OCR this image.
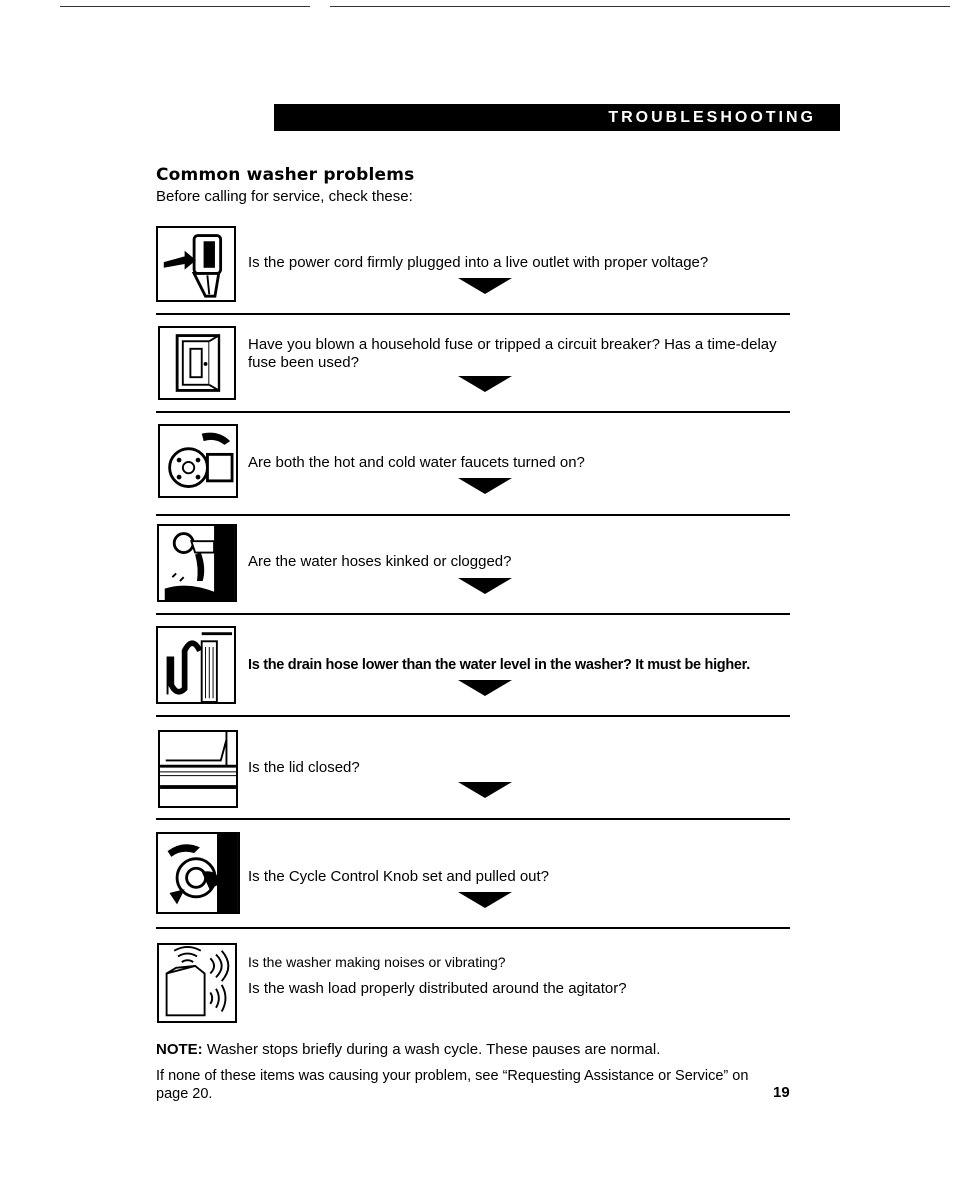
TROUBLESHOOTING
Common washer problems
Before calling for service, check these:
Is the power cord firmly plugged into a live outlet with proper voltage?
Have you blown a household fuse or tripped a circuit breaker? Has a time-delay fuse been used?
Are both the hot and cold water faucets turned on?
Are the water hoses kinked or clogged?
Is the drain hose lower than the water level in the washer? It must be higher.
Is the lid closed?
Is the Cycle Control Knob set and pulled out?
Is the washer making noises or vibrating?
Is the wash load properly distributed around the agitator?
NOTE: Washer stops briefly during a wash cycle. These pauses are normal.
If none of these items was causing your problem, see “Requesting Assistance or Service” on page 20.	19
